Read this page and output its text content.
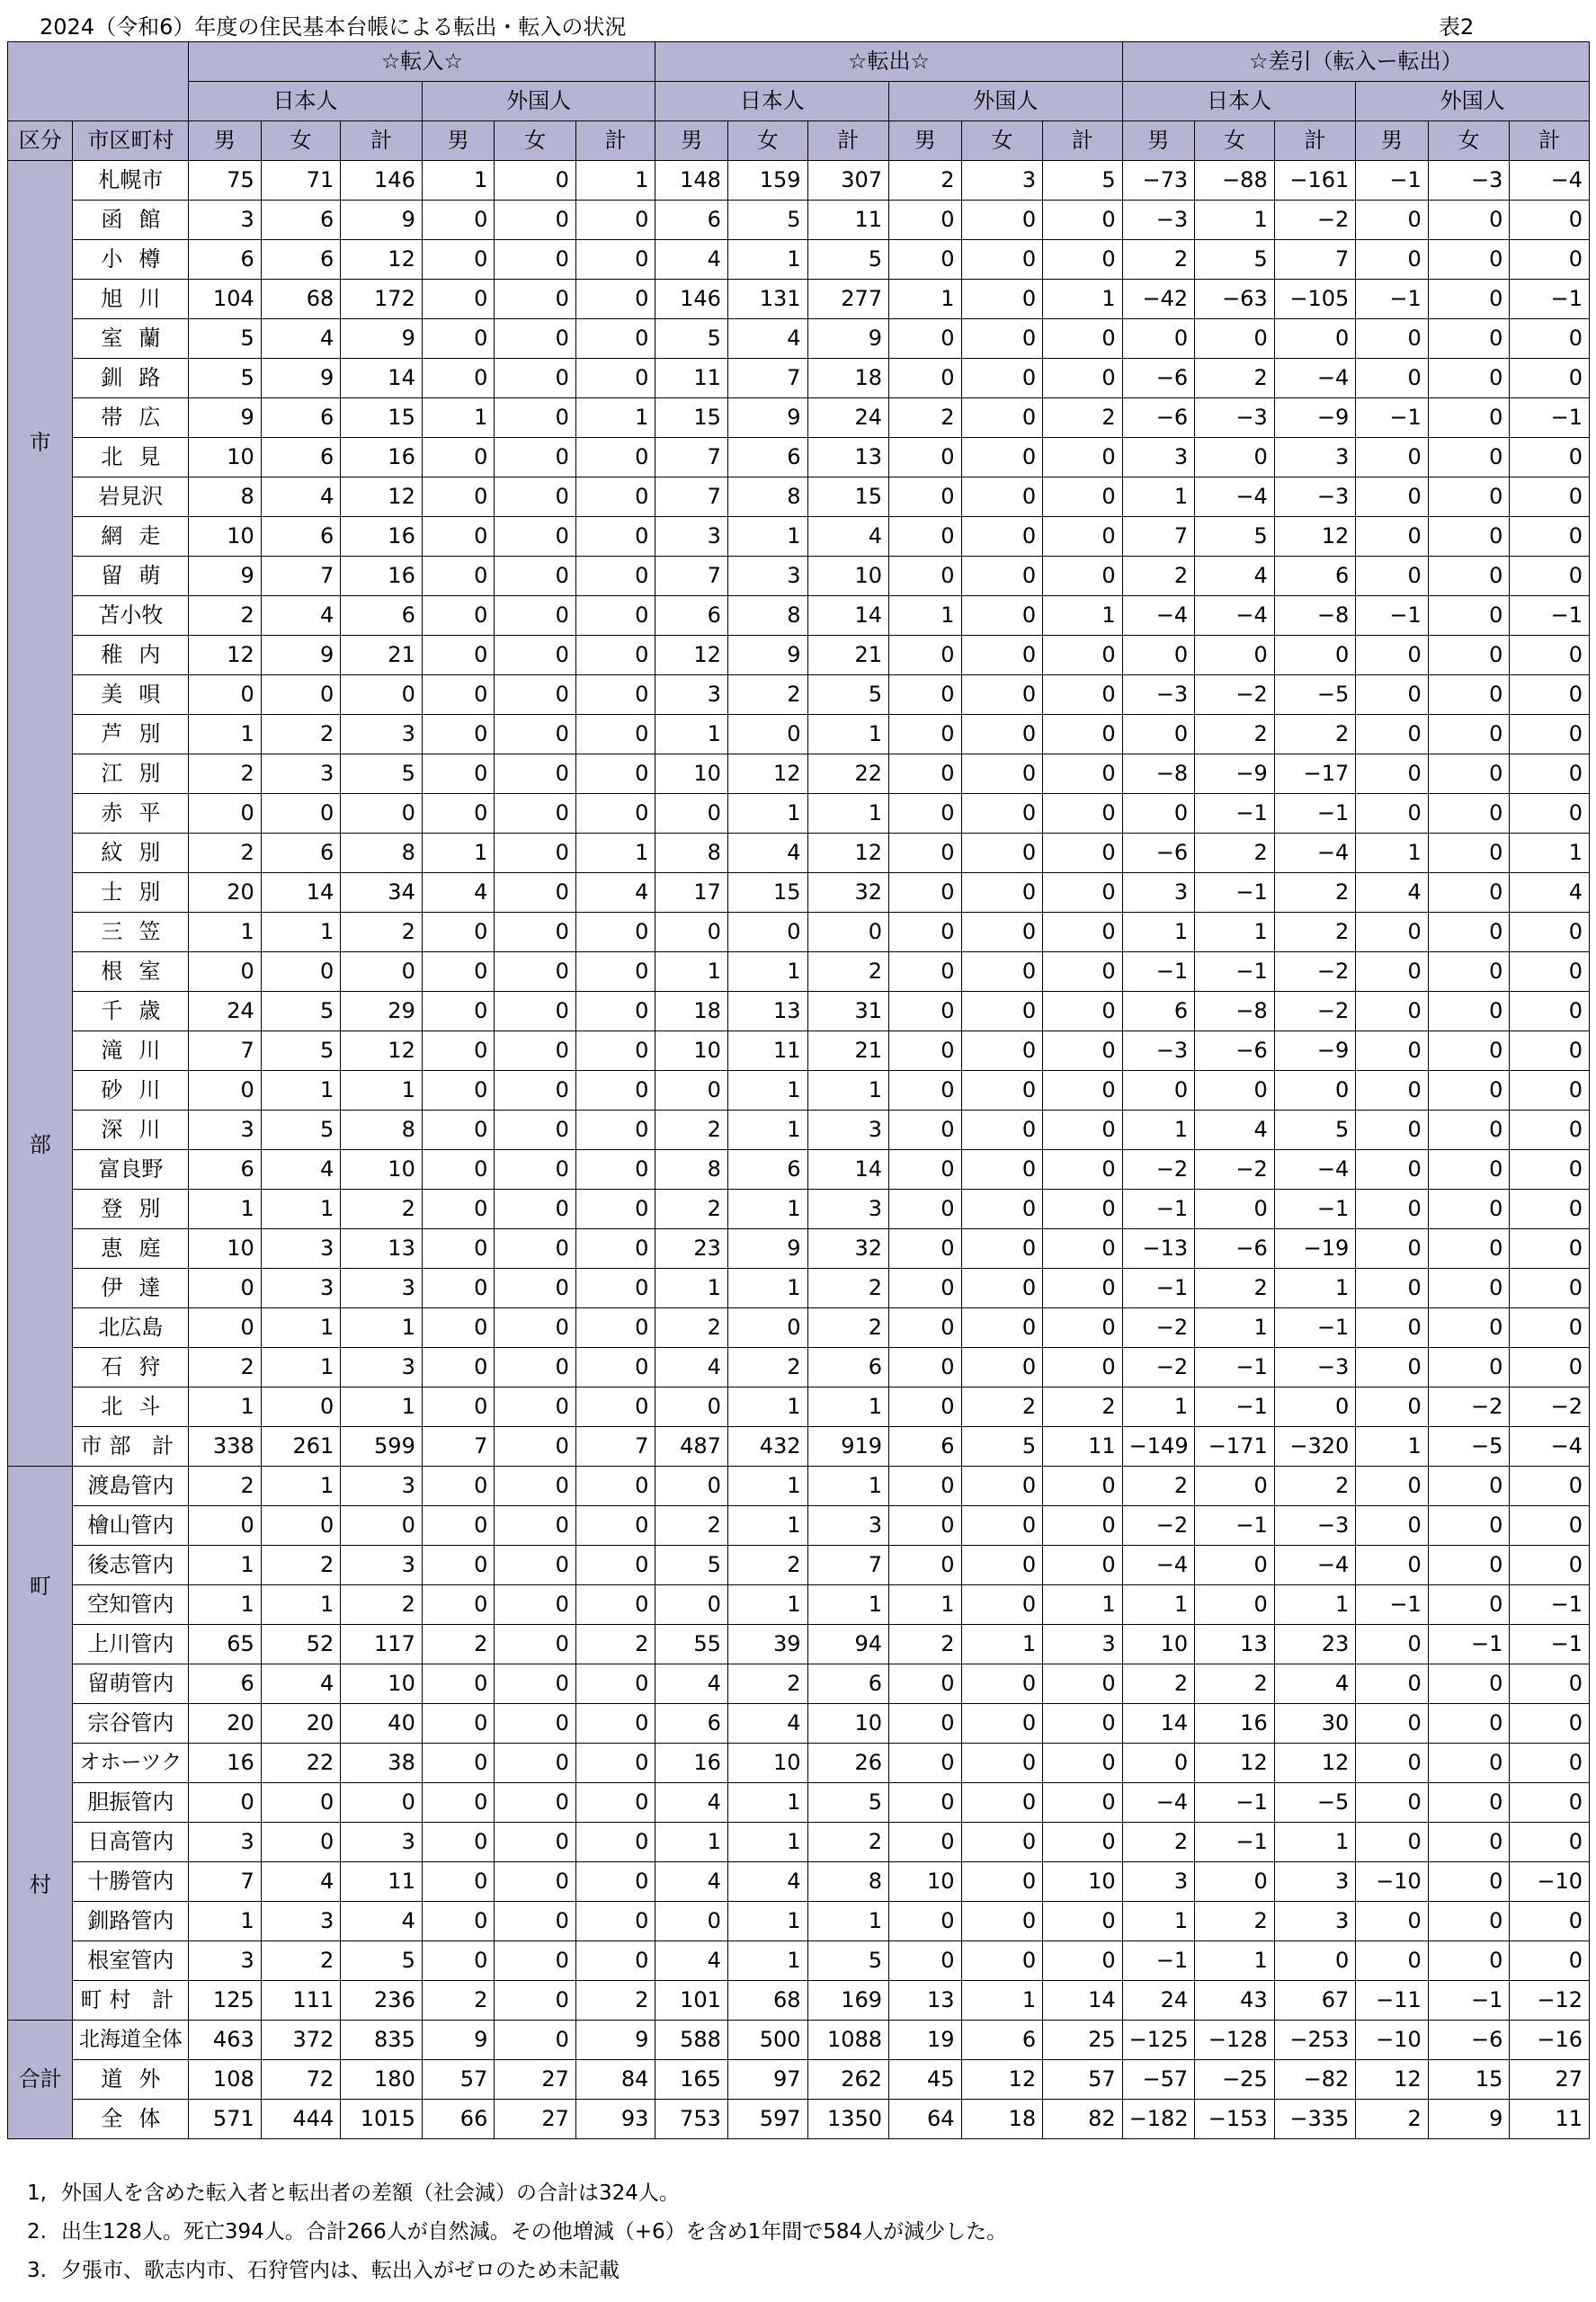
2024（令和6）年度の住民基本台帳による転出・転入の状況	表2
		☆転入☆						☆転出☆						☆差引（転入ー転出）					
		日本人			外国人			日本人			外国人			日本人			外国人		
区分	市区町村	男	女	計	男	女	計	男	女	計	男	女	計	男	女	計	男	女	計

市
部	札幌市	75	71	146	1	0	1	148	159	307	2	3	5	−73	−88	−161	−1	−3	−4
	函館	3	6	9	0	0	0	6	5	11	0	0	0	−3	1	−2	0	0	0
	小樽	6	6	12	0	0	0	4	1	5	0	0	0	2	5	7	0	0	0
	旭川	104	68	172	0	0	0	146	131	277	1	0	1	−42	−63	−105	−1	0	−1
	室蘭	5	4	9	0	0	0	5	4	9	0	0	0	0	0	0	0	0	0
	釧路	5	9	14	0	0	0	11	7	18	0	0	0	−6	2	−4	0	0	0
	帯広	9	6	15	1	0	1	15	9	24	2	0	2	−6	−3	−9	−1	0	−1
	北見	10	6	16	0	0	0	7	6	13	0	0	0	3	0	3	0	0	0
	岩見沢	8	4	12	0	0	0	7	8	15	0	0	0	1	−4	−3	0	0	0
	網走	10	6	16	0	0	0	3	1	4	0	0	0	7	5	12	0	0	0
	留萌	9	7	16	0	0	0	7	3	10	0	0	0	2	4	6	0	0	0
	苫小牧	2	4	6	0	0	0	6	8	14	1	0	1	−4	−4	−8	−1	0	−1
	稚内	12	9	21	0	0	0	12	9	21	0	0	0	0	0	0	0	0	0
	美唄	0	0	0	0	0	0	3	2	5	0	0	0	−3	−2	−5	0	0	0
	芦別	1	2	3	0	0	0	1	0	1	0	0	0	0	2	2	0	0	0
	江別	2	3	5	0	0	0	10	12	22	0	0	0	−8	−9	−17	0	0	0
	赤平	0	0	0	0	0	0	0	1	1	0	0	0	0	−1	−1	0	0	0
	紋別	2	6	8	1	0	1	8	4	12	0	0	0	−6	2	−4	1	0	1
	士別	20	14	34	4	0	4	17	15	32	0	0	0	3	−1	2	4	0	4
	三笠	1	1	2	0	0	0	0	0	0	0	0	0	1	1	2	0	0	0
	根室	0	0	0	0	0	0	1	1	2	0	0	0	−1	−1	−2	0	0	0
	千歳	24	5	29	0	0	0	18	13	31	0	0	0	6	−8	−2	0	0	0
	滝川	7	5	12	0	0	0	10	11	21	0	0	0	−3	−6	−9	0	0	0
	砂川	0	1	1	0	0	0	0	1	1	0	0	0	0	0	0	0	0	0
	深川	3	5	8	0	0	0	2	1	3	0	0	0	1	4	5	0	0	0
	富良野	6	4	10	0	0	0	8	6	14	0	0	0	−2	−2	−4	0	0	0
	登別	1	1	2	0	0	0	2	1	3	0	0	0	−1	0	−1	0	0	0
	恵庭	10	3	13	0	0	0	23	9	32	0	0	0	−13	−6	−19	0	0	0
	伊達	0	3	3	0	0	0	1	1	2	0	0	0	−1	2	1	0	0	0
	北広島	0	1	1	0	0	0	2	0	2	0	0	0	−2	1	−1	0	0	0
	石狩	2	1	3	0	0	0	4	2	6	0	0	0	−2	−1	−3	0	0	0
	北斗	1	0	1	0	0	0	0	1	1	0	2	2	1	−1	0	0	−2	−2
	市部 計	338	261	599	7	0	7	487	432	919	6	5	11	−149	−171	−320	1	−5	−4

町
村	渡島管内	2	1	3	0	0	0	0	1	1	0	0	0	2	0	2	0	0	0
	檜山管内	0	0	0	0	0	0	2	1	3	0	0	0	−2	−1	−3	0	0	0
	後志管内	1	2	3	0	0	0	5	2	7	0	0	0	−4	0	−4	0	0	0
	空知管内	1	1	2	0	0	0	0	1	1	1	0	1	1	0	1	−1	0	−1
	上川管内	65	52	117	2	0	2	55	39	94	2	1	3	10	13	23	0	−1	−1
	留萌管内	6	4	10	0	0	0	4	2	6	0	0	0	2	2	4	0	0	0
	宗谷管内	20	20	40	0	0	0	6	4	10	0	0	0	14	16	30	0	0	0
	オホーツク	16	22	38	0	0	0	16	10	26	0	0	0	0	12	12	0	0	0
	胆振管内	0	0	0	0	0	0	4	1	5	0	0	0	−4	−1	−5	0	0	0
	日高管内	3	0	3	0	0	0	1	1	2	0	0	0	2	−1	1	0	0	0
	十勝管内	7	4	11	0	0	0	4	4	8	10	0	10	3	0	3	−10	0	−10
	釧路管内	1	3	4	0	0	0	0	1	1	0	0	0	1	2	3	0	0	0
	根室管内	3	2	5	0	0	0	4	1	5	0	0	0	−1	1	0	0	0	0
	町村 計	125	111	236	2	0	2	101	68	169	13	1	14	24	43	67	−11	−1	−12
合計	北海道全体	463	372	835	9	0	9	588	500	1088	19	6	25	−125	−128	−253	−10	−6	−16
	道外	108	72	180	57	27	84	165	97	262	45	12	57	−57	−25	−82	12	15	27
	全体	571	444	1015	66	27	93	753	597	1350	64	18	82	−182	−153	−335	2	9	11
1, 外国人を含めた転入者と転出者の差額（社会減）の合計は324人。
2. 出生128人。死亡394人。合計266人が自然減。その他増減（+6）を含め1年間で584人が減少した。
3. 夕張市、歌志内市、石狩管内は、転出入がゼロのため未記載
